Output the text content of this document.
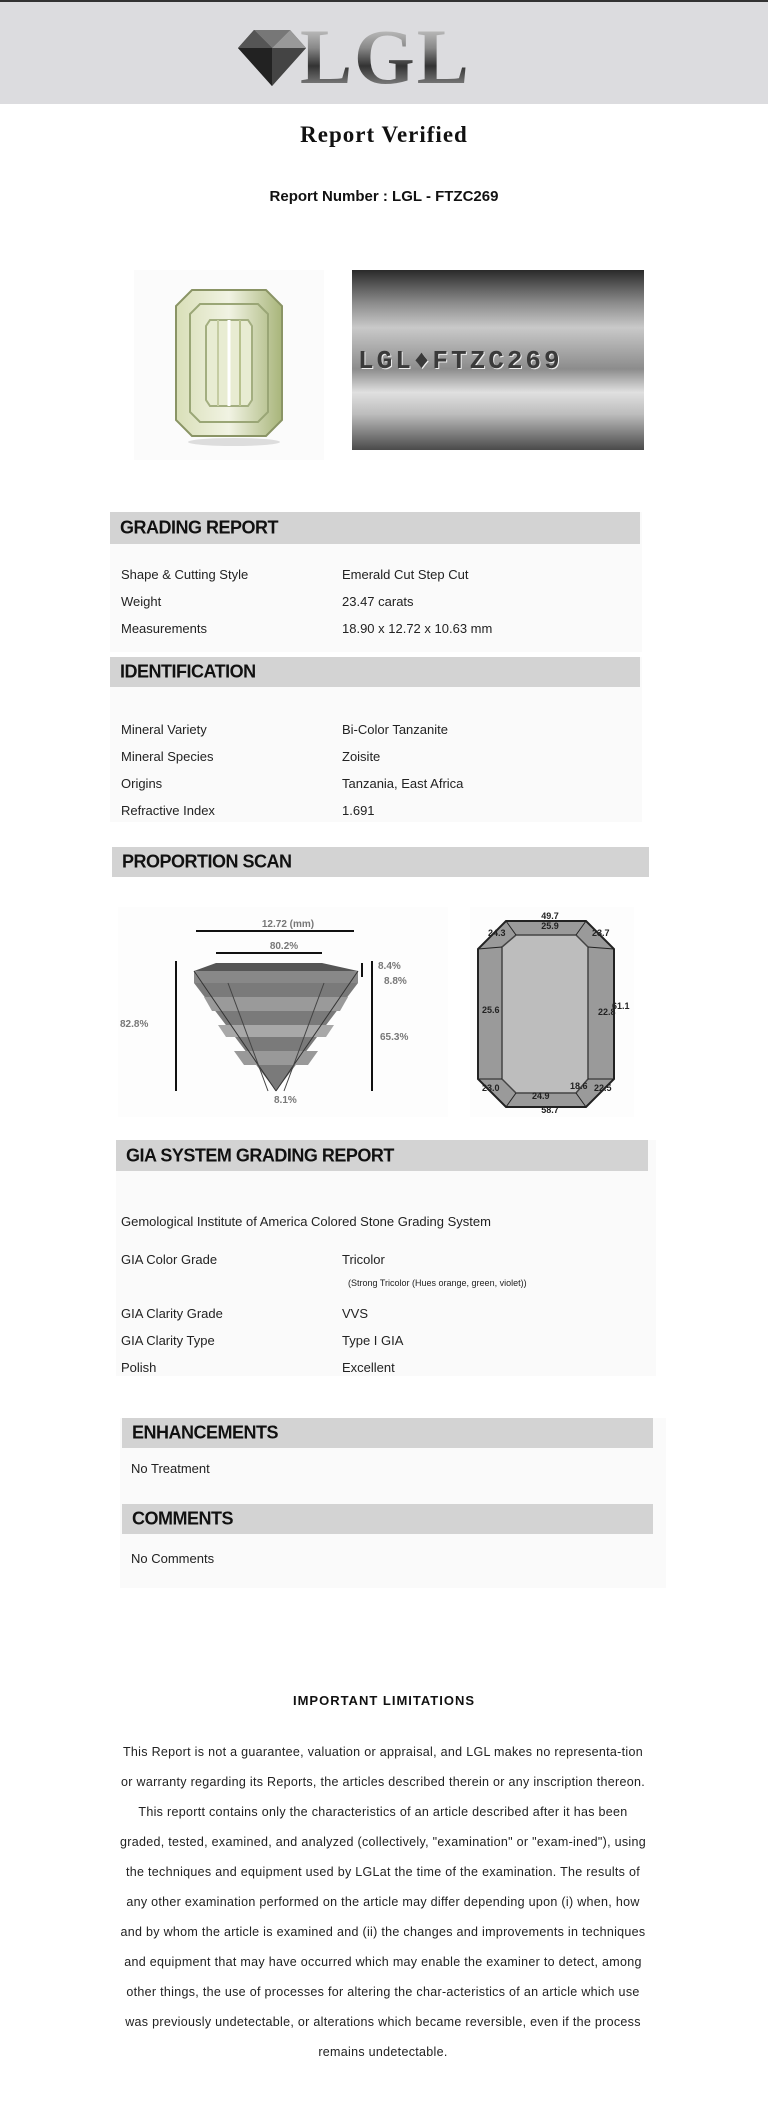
LGL
Report Verified
Report Number : LGL - FTZC269
LGL♦FTZC269
GRADING REPORT
Shape & Cutting Style	Emerald Cut Step Cut
Weight	23.47 carats
Measurements	18.90 x 12.72 x 10.63 mm
IDENTIFICATION
Mineral Variety	Bi-Color Tanzanite
Mineral Species	Zoisite
Origins	Tanzania, East Africa
Refractive Index	1.691
PROPORTION SCAN
12.72 (mm)
80.2%
8.4%
8.8%
82.8%
65.3%
8.1%
49.7
25.9
24.3	23.7
25.6	61.1
22.8
23.0
24.9
18.6 22.5
58.7
GIA SYSTEM GRADING REPORT
Gemological Institute of America Colored Stone Grading System
GIA Color Grade	Tricolor
(Strong Tricolor (Hues orange, green, violet))
GIA Clarity Grade	VVS
GIA Clarity Type	Type I GIA
Polish	Excellent
ENHANCEMENTS
No Treatment
COMMENTS
No Comments
IMPORTANT LIMITATIONS
This Report is not a guarantee, valuation or appraisal, and LGL makes no representa-tion or warranty regarding its Reports, the articles described therein or any inscription thereon. This reportt contains only the characteristics of an article described after it has been graded, tested, examined, and analyzed (collectively, "examination" or "exam-ined"), using the techniques and equipment used by LGLat the time of the examination. The results of any other examination performed on the article may differ depending upon (i) when, how and by whom the article is examined and (ii) the changes and improvements in techniques and equipment that may have occurred which may enable the examiner to detect, among other things, the use of processes for altering the char-acteristics of an article which use was previously undetectable, or alterations which became reversible, even if the process remains undetectable.
